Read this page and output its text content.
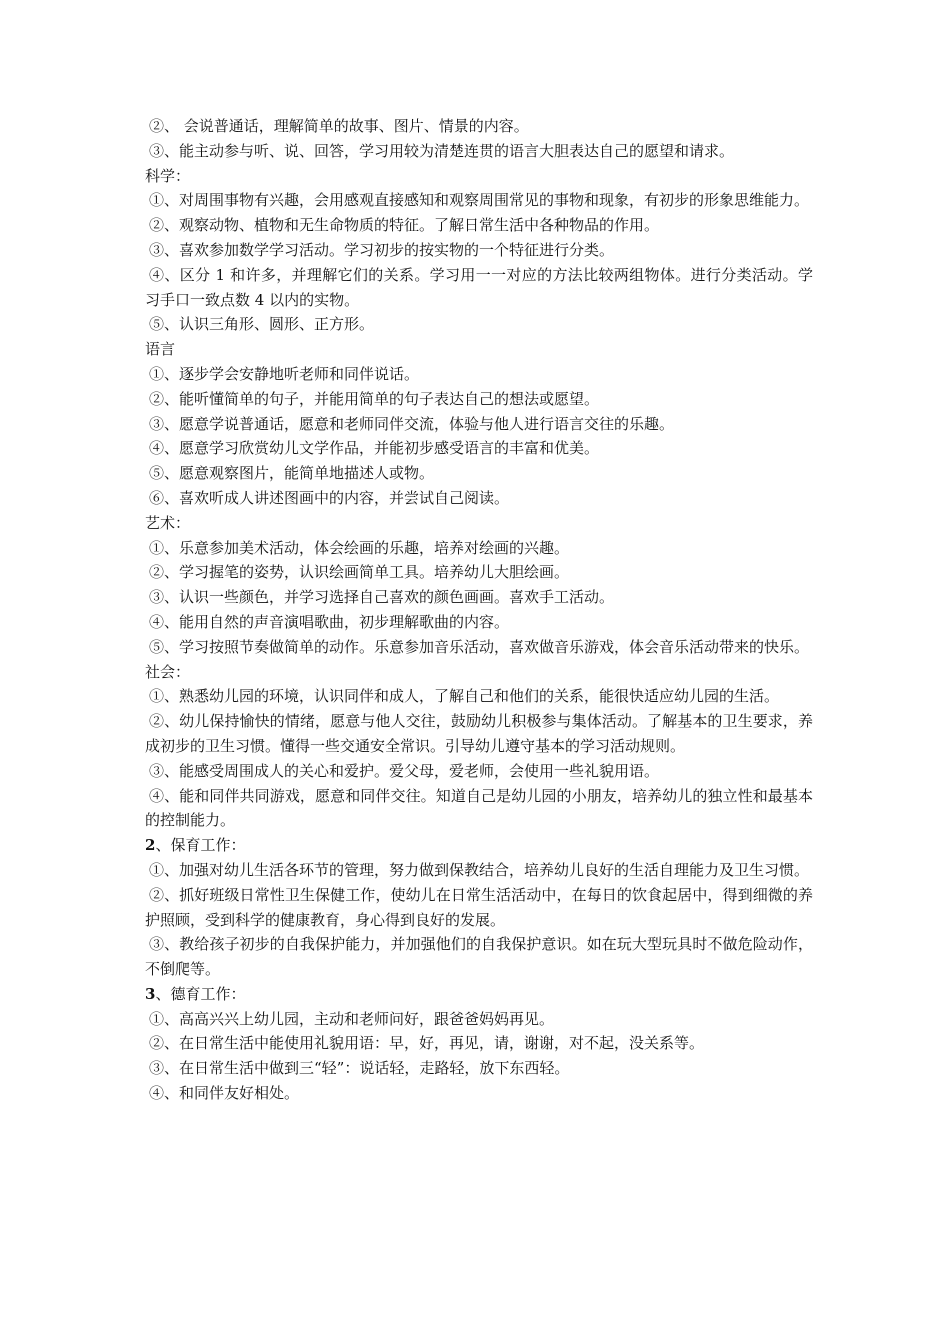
②、 会说普通话，理解简单的故事、图片、情景的内容。

③、能主动参与听、说、回答，学习用较为清楚连贯的语言大胆表达自己的愿望和请求。

科学：

①、对周围事物有兴趣，会用感观直接感知和观察周围常见的事物和现象，有初步的形象思维能力。

②、观察动物、植物和无生命物质的特征。了解日常生活中各种物品的作用。

③、喜欢参加数学学习活动。学习初步的按实物的一个特征进行分类。

④、区分 1 和许多，并理解它们的关系。学习用一一对应的方法比较两组物体。进行分类活动。学习手口一致点数 4 以内的实物。

⑤、认识三角形、圆形、正方形。

语言

①、逐步学会安静地听老师和同伴说话。

②、能听懂简单的句子，并能用简单的句子表达自己的想法或愿望。

③、愿意学说普通话，愿意和老师同伴交流，体验与他人进行语言交往的乐趣。

④、愿意学习欣赏幼儿文学作品，并能初步感受语言的丰富和优美。

⑤、愿意观察图片，能简单地描述人或物。

⑥、喜欢听成人讲述图画中的内容，并尝试自己阅读。

艺术：

①、乐意参加美术活动，体会绘画的乐趣，培养对绘画的兴趣。

②、学习握笔的姿势，认识绘画简单工具。培养幼儿大胆绘画。

③、认识一些颜色，并学习选择自己喜欢的颜色画画。喜欢手工活动。

④、能用自然的声音演唱歌曲，初步理解歌曲的内容。

⑤、学习按照节奏做简单的动作。乐意参加音乐活动，喜欢做音乐游戏，体会音乐活动带来的快乐。

社会：

①、熟悉幼儿园的环境，认识同伴和成人，了解自己和他们的关系，能很快适应幼儿园的生活。

②、幼儿保持愉快的情绪，愿意与他人交往，鼓励幼儿积极参与集体活动。了解基本的卫生要求，养成初步的卫生习惯。懂得一些交通安全常识。引导幼儿遵守基本的学习活动规则。

③、能感受周围成人的关心和爱护。爱父母，爱老师，会使用一些礼貌用语。

④、能和同伴共同游戏，愿意和同伴交往。知道自己是幼儿园的小朋友，培养幼儿的独立性和最基本的控制能力。

2、保育工作：

①、加强对幼儿生活各环节的管理，努力做到保教结合，培养幼儿良好的生活自理能力及卫生习惯。

②、抓好班级日常性卫生保健工作，使幼儿在日常生活活动中，在每日的饮食起居中，得到细微的养护照顾，受到科学的健康教育，身心得到良好的发展。

③、教给孩子初步的自我保护能力，并加强他们的自我保护意识。如在玩大型玩具时不做危险动作，不倒爬等。

3、德育工作：

①、高高兴兴上幼儿园，主动和老师问好，跟爸爸妈妈再见。

②、在日常生活中能使用礼貌用语：早，好，再见，请，谢谢，对不起，没关系等。

③、在日常生活中做到三“轻”：说话轻，走路轻，放下东西轻。

④、和同伴友好相处。
